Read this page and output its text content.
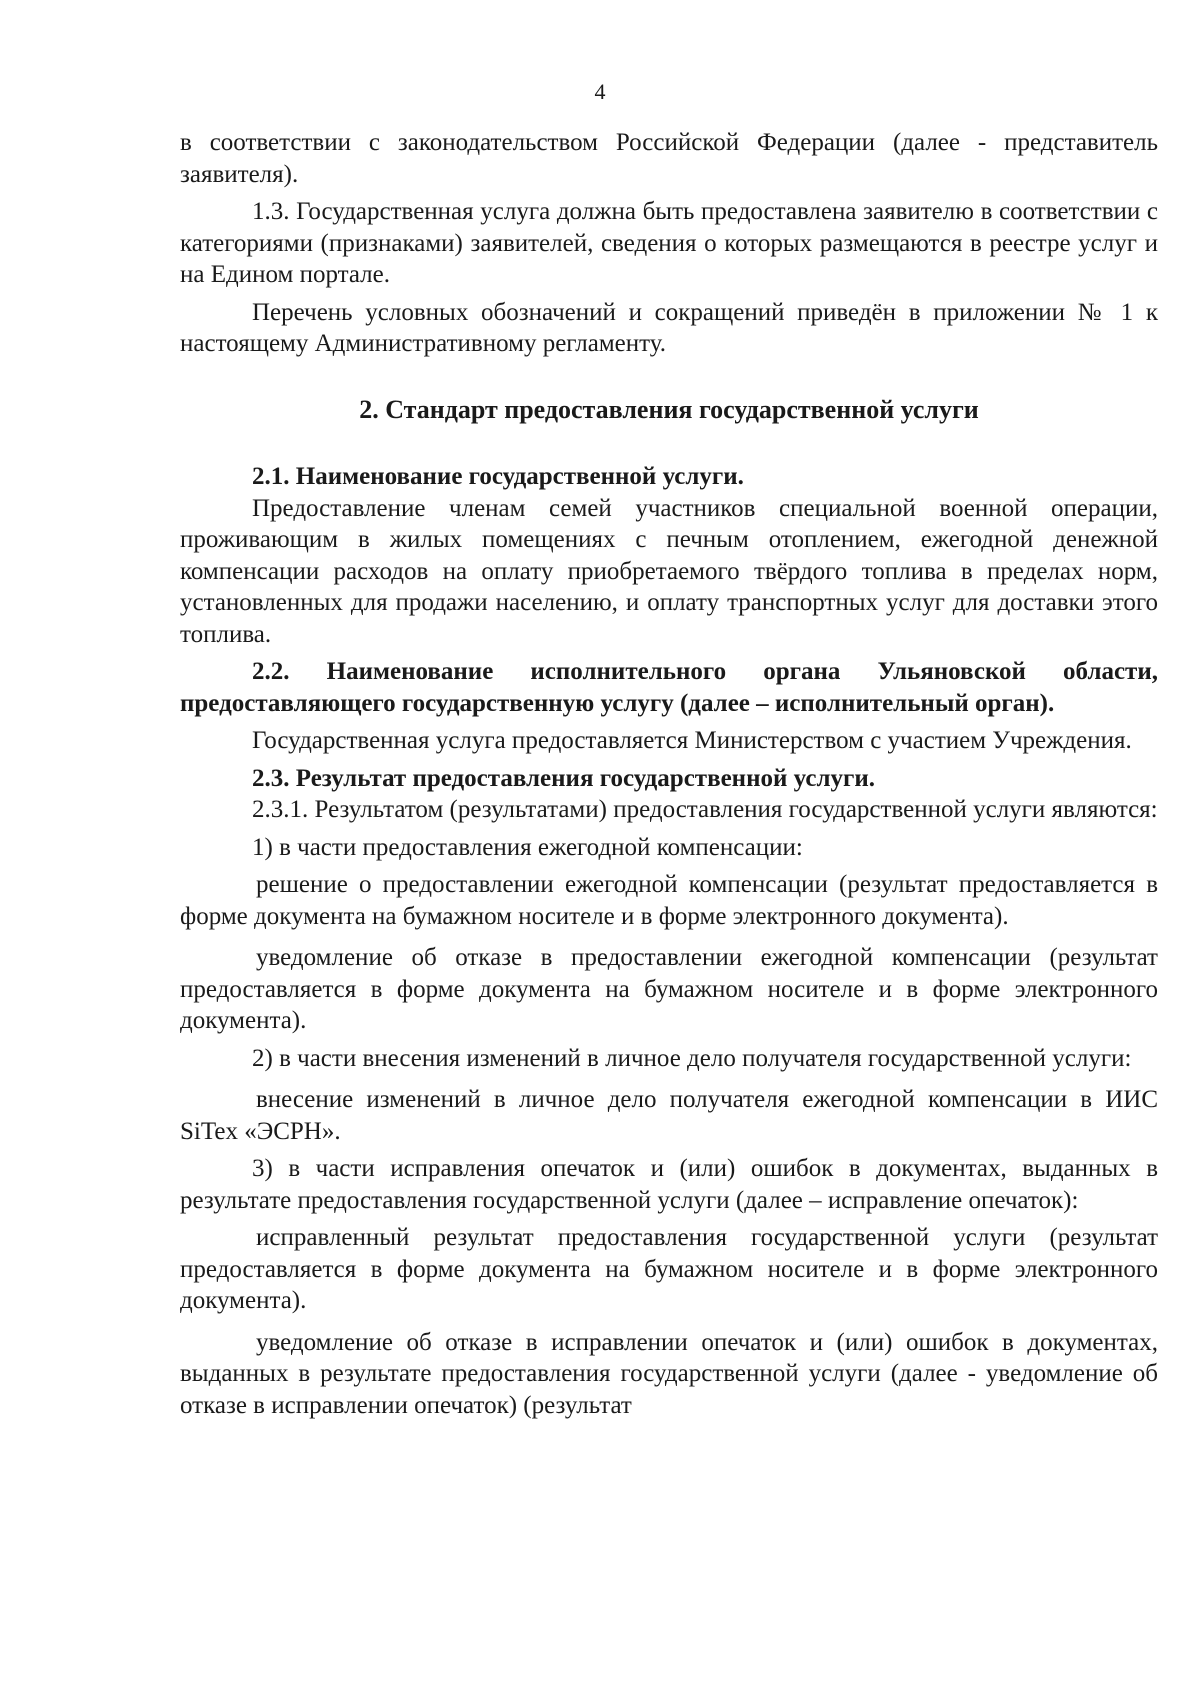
4

в соответствии с законодательством Российской Федерации (далее - представитель заявителя).

1.3. Государственная услуга должна быть предоставлена заявителю в соответствии с категориями (признаками) заявителей, сведения о которых размещаются в реестре услуг и на Едином портале.

Перечень условных обозначений и сокращений приведён в приложении № 1 к настоящему Административному регламенту.

2. Стандарт предоставления государственной услуги

2.1. Наименование государственной услуги.

Предоставление членам семей участников специальной военной операции, проживающим в жилых помещениях с печным отоплением, ежегодной денежной компенсации расходов на оплату приобретаемого твёрдого топлива в пределах норм, установленных для продажи населению, и оплату транспортных услуг для доставки этого топлива.

2.2. Наименование исполнительного органа Ульяновской области, предоставляющего государственную услугу (далее – исполнительный орган).

Государственная услуга предоставляется Министерством с участием Учреждения.

2.3. Результат предоставления государственной услуги.

2.3.1. Результатом (результатами) предоставления государственной услуги являются:

1) в части предоставления ежегодной компенсации:

решение о предоставлении ежегодной компенсации (результат предоставляется в форме документа на бумажном носителе и в форме электронного документа).

уведомление об отказе в предоставлении ежегодной компенсации (результат предоставляется в форме документа на бумажном носителе и в форме электронного документа).

2) в части внесения изменений в личное дело получателя государственной услуги:

внесение изменений в личное дело получателя ежегодной компенсации в ИИС SiTex «ЭСРН».

3) в части исправления опечаток и (или) ошибок в документах, выданных в результате предоставления государственной услуги (далее – исправление опечаток):

исправленный результат предоставления государственной услуги (результат предоставляется в форме документа на бумажном носителе и в форме электронного документа).

уведомление об отказе в исправлении опечаток и (или) ошибок в документах, выданных в результате предоставления государственной услуги (далее - уведомление об отказе в исправлении опечаток) (результат
